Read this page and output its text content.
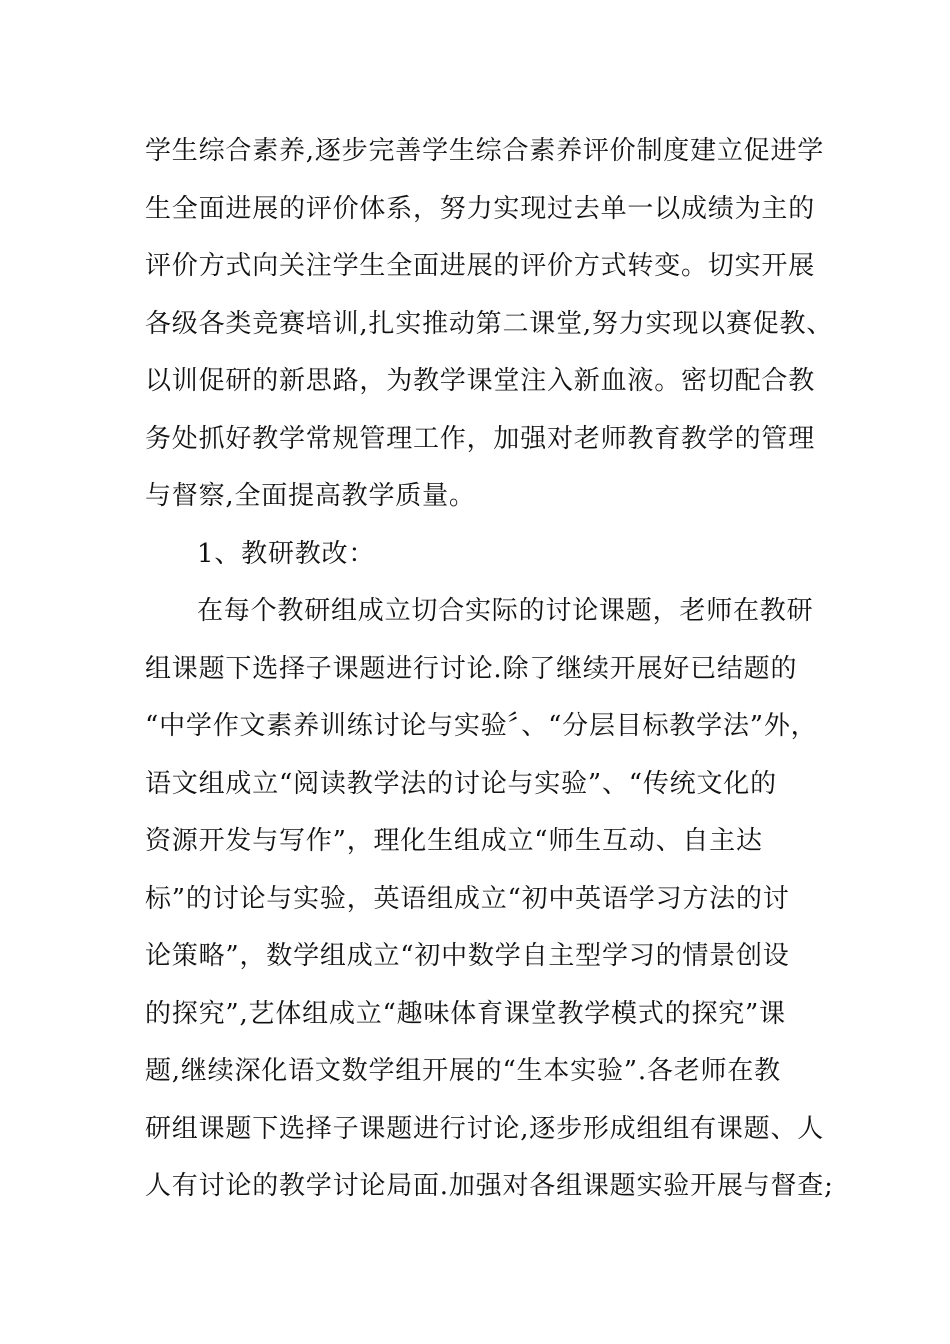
学生综合素养,逐步完善学生综合素养评价制度建立促进学
生全面进展的评价体系，努力实现过去单一以成绩为主的
评价方式向关注学生全面进展的评价方式转变。切实开展
各级各类竞赛培训,扎实推动第二课堂,努力实现以赛促教、
以训促研的新思路，为教学课堂注入新血液。密切配合教
务处抓好教学常规管理工作，加强对老师教育教学的管理
与督察,全面提高教学质量。
1、教研教改：
在每个教研组成立切合实际的讨论课题，老师在教研
组课题下选择子课题进行讨论.除了继续开展好已结题的
“中学作文素养训练讨论与实验〞、“分层目标教学法”外，
语文组成立“阅读教学法的讨论与实验”、“传统文化的
资源开发与写作”，理化生组成立“师生互动、自主达
标”的讨论与实验，英语组成立“初中英语学习方法的讨
论策略”，数学组成立“初中数学自主型学习的情景创设
的探究”,艺体组成立“趣味体育课堂教学模式的探究”课
题,继续深化语文数学组开展的“生本实验”.各老师在教
研组课题下选择子课题进行讨论,逐步形成组组有课题、人
人有讨论的教学讨论局面.加强对各组课题实验开展与督查;
